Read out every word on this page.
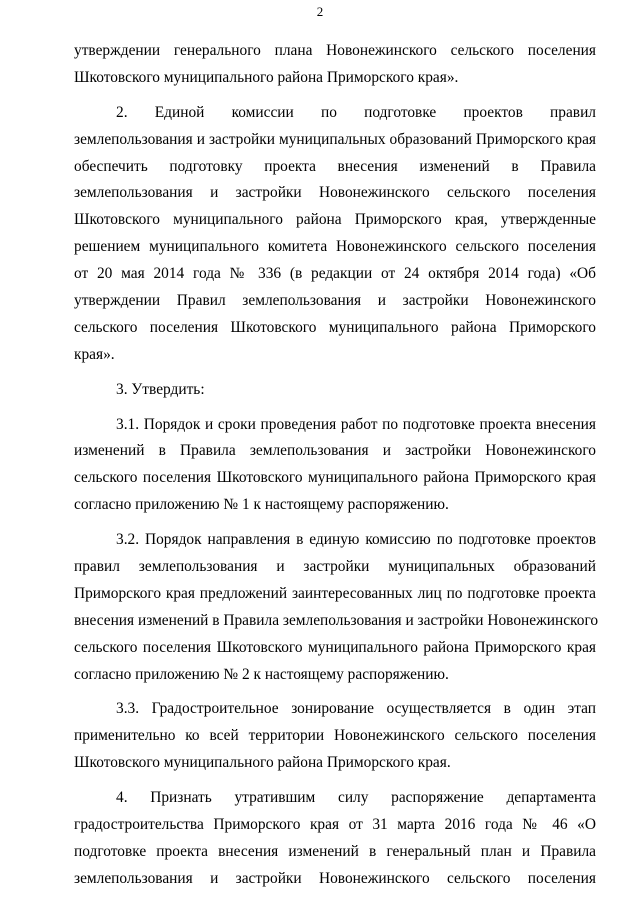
2
утверждении генерального плана Новонежинского сельского поселения
Шкотовского муниципального района Приморского края».
2. Единой комиссии по подготовке проектов правил
землепользования и застройки муниципальных образований Приморского края
обеспечить подготовку проекта внесения изменений в Правила
землепользования и застройки Новонежинского сельского поселения
Шкотовского муниципального района Приморского края, утвержденные
решением муниципального комитета Новонежинского сельского поселения
от 20 мая 2014 года № 336 (в редакции от 24 октября 2014 года) «Об
утверждении Правил землепользования и застройки Новонежинского
сельского поселения Шкотовского муниципального района Приморского
края».
3. Утвердить:
3.1. Порядок и сроки проведения работ по подготовке проекта внесения
изменений в Правила землепользования и застройки Новонежинского
сельского поселения Шкотовского муниципального района Приморского края
согласно приложению № 1 к настоящему распоряжению.
3.2. Порядок направления в единую комиссию по подготовке проектов
правил землепользования и застройки муниципальных образований
Приморского края предложений заинтересованных лиц по подготовке проекта
внесения изменений в Правила землепользования и застройки Новонежинского
сельского поселения Шкотовского муниципального района Приморского края
согласно приложению № 2 к настоящему распоряжению.
3.3. Градостроительное зонирование осуществляется в один этап
применительно ко всей территории Новонежинского сельского поселения
Шкотовского муниципального района Приморского края.
4. Признать утратившим силу распоряжение департамента
градостроительства Приморского края от 31 марта 2016 года № 46 «О
подготовке проекта внесения изменений в генеральный план и Правила
землепользования и застройки Новонежинского сельского поселения
